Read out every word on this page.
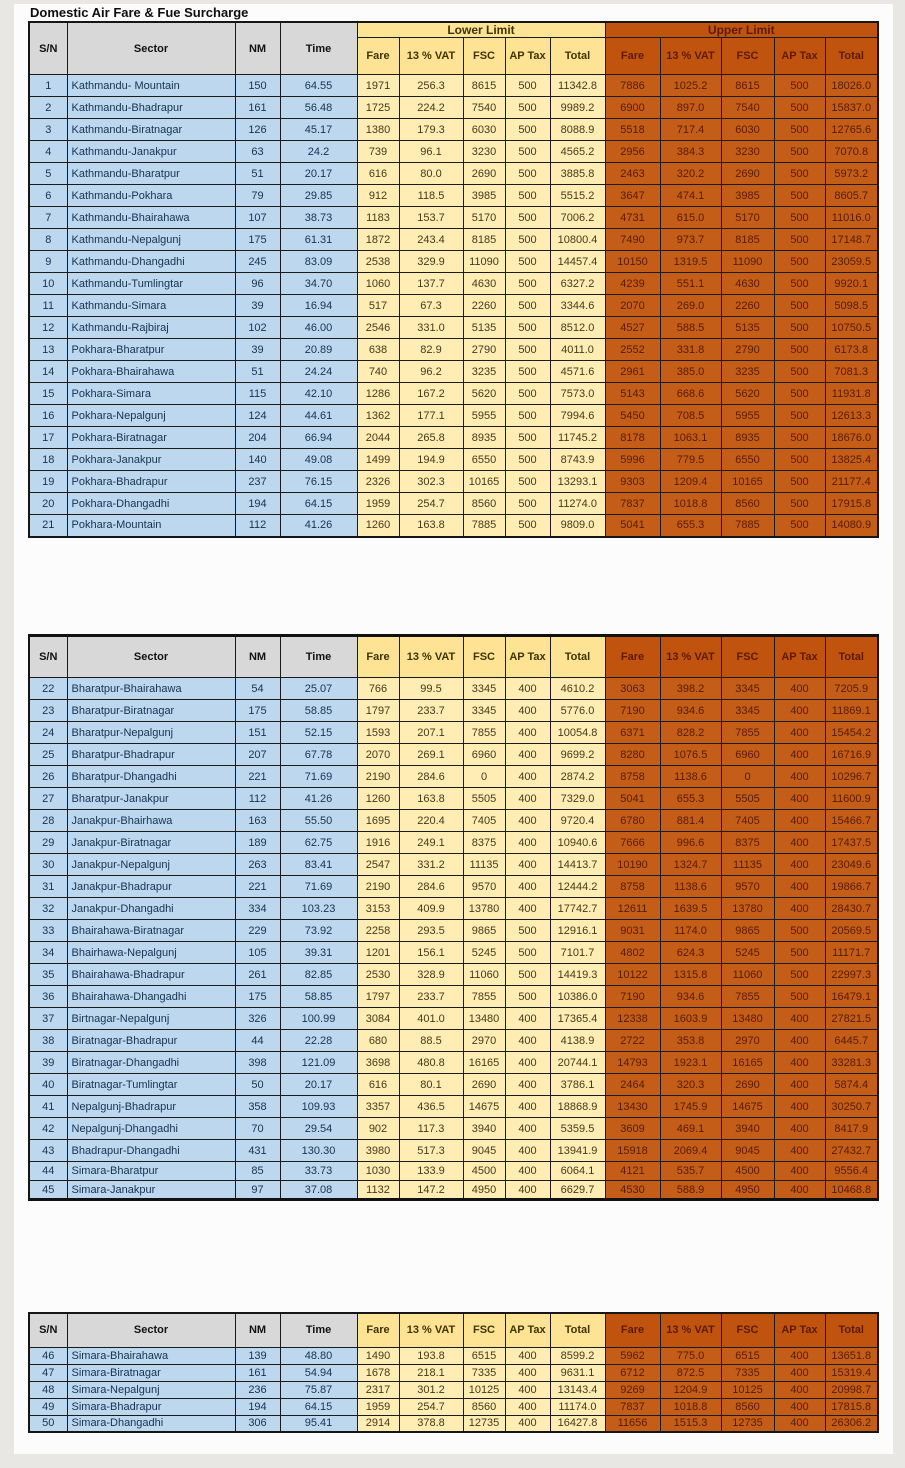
Domestic Air Fare & Fue Surcharge
S/N	Sector	NM	Time	Lower Limit					Upper Limit				
				Fare	13 % VAT	FSC	AP Tax	Total	Fare	13 % VAT	FSC	AP Tax	Total
1	Kathmandu- Mountain	150	64.55	1971	256.3	8615	500	11342.8	7886	1025.2	8615	500	18026.0
2	Kathmandu-Bhadrapur	161	56.48	1725	224.2	7540	500	9989.2	6900	897.0	7540	500	15837.0
3	Kathmandu-Biratnagar	126	45.17	1380	179.3	6030	500	8088.9	5518	717.4	6030	500	12765.6
4	Kathmandu-Janakpur	63	24.2	739	96.1	3230	500	4565.2	2956	384.3	3230	500	7070.8
5	Kathmandu-Bharatpur	51	20.17	616	80.0	2690	500	3885.8	2463	320.2	2690	500	5973.2
6	Kathmandu-Pokhara	79	29.85	912	118.5	3985	500	5515.2	3647	474.1	3985	500	8605.7
7	Kathmandu-Bhairahawa	107	38.73	1183	153.7	5170	500	7006.2	4731	615.0	5170	500	11016.0
8	Kathmandu-Nepalgunj	175	61.31	1872	243.4	8185	500	10800.4	7490	973.7	8185	500	17148.7
9	Kathmandu-Dhangadhi	245	83.09	2538	329.9	11090	500	14457.4	10150	1319.5	11090	500	23059.5
10	Kathmandu-Tumlingtar	96	34.70	1060	137.7	4630	500	6327.2	4239	551.1	4630	500	9920.1
11	Kathmandu-Simara	39	16.94	517	67.3	2260	500	3344.6	2070	269.0	2260	500	5098.5
12	Kathmandu-Rajbiraj	102	46.00	2546	331.0	5135	500	8512.0	4527	588.5	5135	500	10750.5
13	Pokhara-Bharatpur	39	20.89	638	82.9	2790	500	4011.0	2552	331.8	2790	500	6173.8
14	Pokhara-Bhairahawa	51	24.24	740	96.2	3235	500	4571.6	2961	385.0	3235	500	7081.3
15	Pokhara-Simara	115	42.10	1286	167.2	5620	500	7573.0	5143	668.6	5620	500	11931.8
16	Pokhara-Nepalgunj	124	44.61	1362	177.1	5955	500	7994.6	5450	708.5	5955	500	12613.3
17	Pokhara-Biratnagar	204	66.94	2044	265.8	8935	500	11745.2	8178	1063.1	8935	500	18676.0
18	Pokhara-Janakpur	140	49.08	1499	194.9	6550	500	8743.9	5996	779.5	6550	500	13825.4
19	Pokhara-Bhadrapur	237	76.15	2326	302.3	10165	500	13293.1	9303	1209.4	10165	500	21177.4
20	Pokhara-Dhangadhi	194	64.15	1959	254.7	8560	500	11274.0	7837	1018.8	8560	500	17915.8
21	Pokhara-Mountain	112	41.26	1260	163.8	7885	500	9809.0	5041	655.3	7885	500	14080.9
S/N	Sector	NM	Time	Fare	13 % VAT	FSC	AP Tax	Total	Fare	13 % VAT	FSC	AP Tax	Total
22	Bharatpur-Bhairahawa	54	25.07	766	99.5	3345	400	4610.2	3063	398.2	3345	400	7205.9
23	Bharatpur-Biratnagar	175	58.85	1797	233.7	3345	400	5776.0	7190	934.6	3345	400	11869.1
24	Bharatpur-Nepalgunj	151	52.15	1593	207.1	7855	400	10054.8	6371	828.2	7855	400	15454.2
25	Bharatpur-Bhadrapur	207	67.78	2070	269.1	6960	400	9699.2	8280	1076.5	6960	400	16716.9
26	Bharatpur-Dhangadhi	221	71.69	2190	284.6	0	400	2874.2	8758	1138.6	0	400	10296.7
27	Bharatpur-Janakpur	112	41.26	1260	163.8	5505	400	7329.0	5041	655.3	5505	400	11600.9
28	Janakpur-Bhairhawa	163	55.50	1695	220.4	7405	400	9720.4	6780	881.4	7405	400	15466.7
29	Janakpur-Biratnagar	189	62.75	1916	249.1	8375	400	10940.6	7666	996.6	8375	400	17437.5
30	Janakpur-Nepalgunj	263	83.41	2547	331.2	11135	400	14413.7	10190	1324.7	11135	400	23049.6
31	Janakpur-Bhadrapur	221	71.69	2190	284.6	9570	400	12444.2	8758	1138.6	9570	400	19866.7
32	Janakpur-Dhangadhi	334	103.23	3153	409.9	13780	400	17742.7	12611	1639.5	13780	400	28430.7
33	Bhairahawa-Biratnagar	229	73.92	2258	293.5	9865	500	12916.1	9031	1174.0	9865	500	20569.5
34	Bhairhawa-Nepalgunj	105	39.31	1201	156.1	5245	500	7101.7	4802	624.3	5245	500	11171.7
35	Bhairahawa-Bhadrapur	261	82.85	2530	328.9	11060	500	14419.3	10122	1315.8	11060	500	22997.3
36	Bhairahawa-Dhangadhi	175	58.85	1797	233.7	7855	500	10386.0	7190	934.6	7855	500	16479.1
37	Birtnagar-Nepalgunj	326	100.99	3084	401.0	13480	400	17365.4	12338	1603.9	13480	400	27821.5
38	Biratnagar-Bhadrapur	44	22.28	680	88.5	2970	400	4138.9	2722	353.8	2970	400	6445.7
39	Biratnagar-Dhangadhi	398	121.09	3698	480.8	16165	400	20744.1	14793	1923.1	16165	400	33281.3
40	Biratnagar-Tumlingtar	50	20.17	616	80.1	2690	400	3786.1	2464	320.3	2690	400	5874.4
41	Nepalgunj-Bhadrapur	358	109.93	3357	436.5	14675	400	18868.9	13430	1745.9	14675	400	30250.7
42	Nepalgunj-Dhangadhi	70	29.54	902	117.3	3940	400	5359.5	3609	469.1	3940	400	8417.9
43	Bhadrapur-Dhangadhi	431	130.30	3980	517.3	9045	400	13941.9	15918	2069.4	9045	400	27432.7
44	Simara-Bharatpur	85	33.73	1030	133.9	4500	400	6064.1	4121	535.7	4500	400	9556.4
45	Simara-Janakpur	97	37.08	1132	147.2	4950	400	6629.7	4530	588.9	4950	400	10468.8
S/N	Sector	NM	Time	Fare	13 % VAT	FSC	AP Tax	Total	Fare	13 % VAT	FSC	AP Tax	Total
46	Simara-Bhairahawa	139	48.80	1490	193.8	6515	400	8599.2	5962	775.0	6515	400	13651.8
47	Simara-Biratnagar	161	54.94	1678	218.1	7335	400	9631.1	6712	872.5	7335	400	15319.4
48	Simara-Nepalgunj	236	75.87	2317	301.2	10125	400	13143.4	9269	1204.9	10125	400	20998.7
49	Simara-Bhadrapur	194	64.15	1959	254.7	8560	400	11174.0	7837	1018.8	8560	400	17815.8
50	Simara-Dhangadhi	306	95.41	2914	378.8	12735	400	16427.8	11656	1515.3	12735	400	26306.2
